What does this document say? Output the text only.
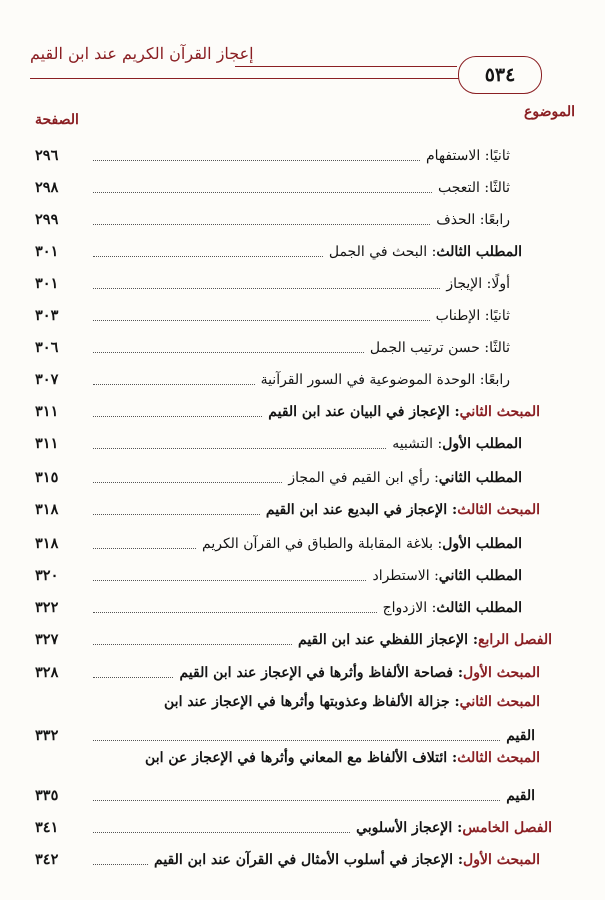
إعجاز القرآن الكريم عند ابن القيم
٥٣٤
الموضوع
الصفحة
ثانيًا: الاستفهام
٢٩٦
ثالثًا: التعجب
٢٩٨
رابعًا: الحذف
٢٩٩
المطلب الثالث: البحث في الجمل
٣٠١
أولًا: الإيجاز
٣٠١
ثانيًا: الإطناب
٣٠٣
ثالثًا: حسن ترتيب الجمل
٣٠٦
رابعًا: الوحدة الموضوعية في السور القرآنية
٣٠٧
المبحث الثاني: الإعجاز في البيان عند ابن القيم
٣١١
المطلب الأول: التشبيه
٣١١
المطلب الثاني: رأي ابن القيم في المجاز
٣١٥
المبحث الثالث: الإعجاز في البديع عند ابن القيم
٣١٨
المطلب الأول: بلاغة المقابلة والطباق في القرآن الكريم
٣١٨
المطلب الثاني: الاستطراد
٣٢٠
المطلب الثالث: الازدواج
٣٢٢
الفصل الرابع: الإعجاز اللفظي عند ابن القيم
٣٢٧
المبحث الأول: فصاحة الألفاظ وأثرها في الإعجاز عند ابن القيم
٣٢٨
المبحث الثاني: جزالة الألفاظ وعذوبتها وأثرها في الإعجاز عند ابن
القيم
٣٣٢
المبحث الثالث: ائتلاف الألفاظ مع المعاني وأثرها في الإعجاز عن ابن
القيم
٣٣٥
الفصل الخامس: الإعجاز الأسلوبي
٣٤١
المبحث الأول: الإعجاز في أسلوب الأمثال في القرآن عند ابن القيم
٣٤٢
